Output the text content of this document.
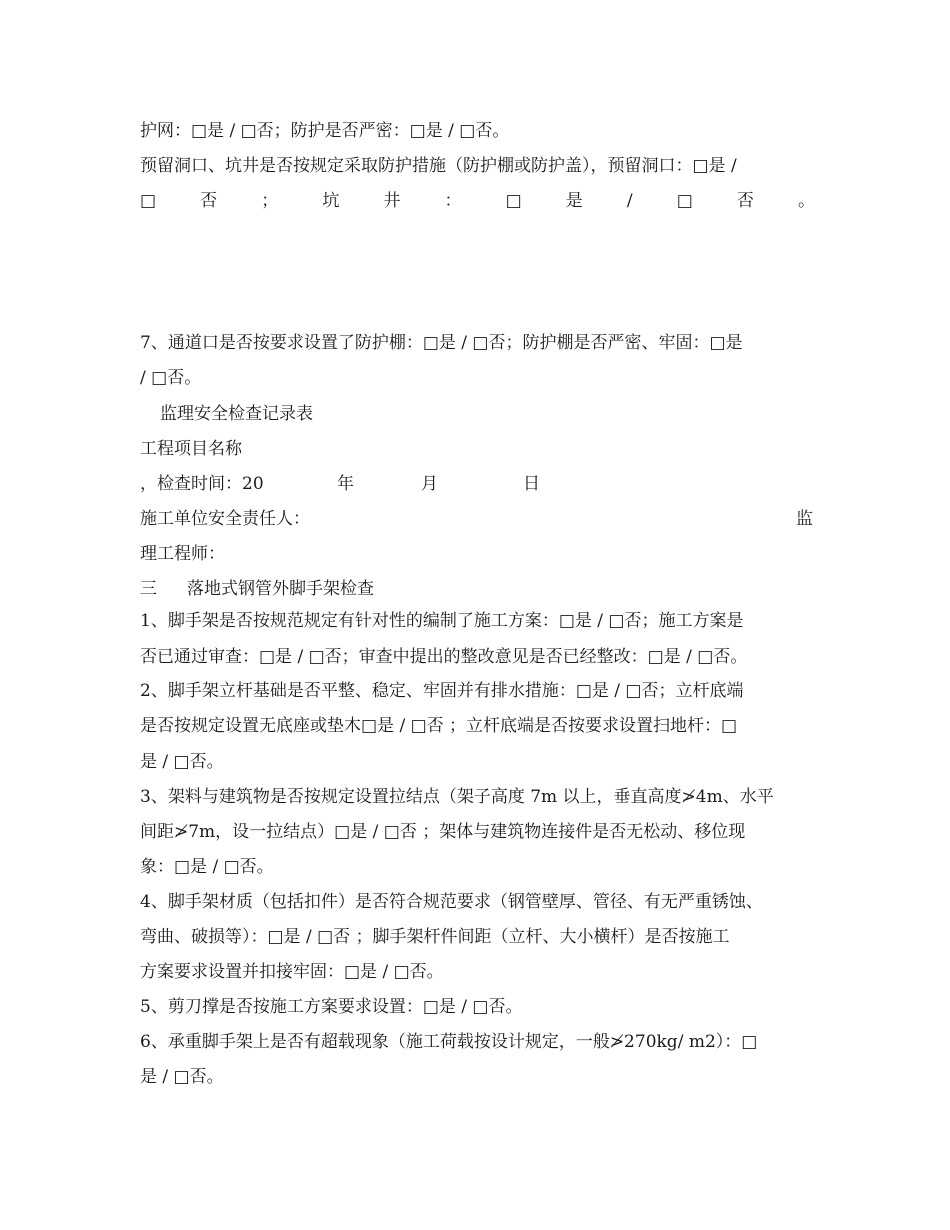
护网：□是 / □否；防护是否严密：□是 / □否。
预留洞口、坑井是否按规定采取防护措施（防护棚或防护盖），预留洞口：□是 /
□	否	；	坑	井	：	□	是	/	□	否	。
7、通道口是否按要求设置了防护棚：□是 / □否；防护棚是否严密、牢固：□是
/ □否。
监理安全检查记录表
工程项目名称
，检查时间：20	年	月	日
施工单位安全责任人：	监
理工程师：
三 落地式钢管外脚手架检查
1、脚手架是否按规范规定有针对性的编制了施工方案：□是 / □否；施工方案是
否已通过审查：□是 / □否；审查中提出的整改意见是否已经整改：□是 / □否。
2、脚手架立杆基础是否平整、稳定、牢固并有排水措施：□是 / □否；立杆底端
是否按规定设置无底座或垫木□是 / □否 ；立杆底端是否按要求设置扫地杆：□
是 / □否。
3、架料与建筑物是否按规定设置拉结点（架子高度 7m 以上，垂直高度≯4m、水平
间距≯7m，设一拉结点）□是 / □否 ；架体与建筑物连接件是否无松动、移位现
象：□是 / □否。
4、脚手架材质（包括扣件）是否符合规范要求（钢管壁厚、管径、有无严重锈蚀、
弯曲、破损等）：□是 / □否 ；脚手架杆件间距（立杆、大小横杆）是否按施工
方案要求设置并扣接牢固：□是 / □否。
5、剪刀撑是否按施工方案要求设置：□是 / □否。
6、承重脚手架上是否有超载现象（施工荷载按设计规定，一般≯270kg/ m2）：□
是 / □否。
